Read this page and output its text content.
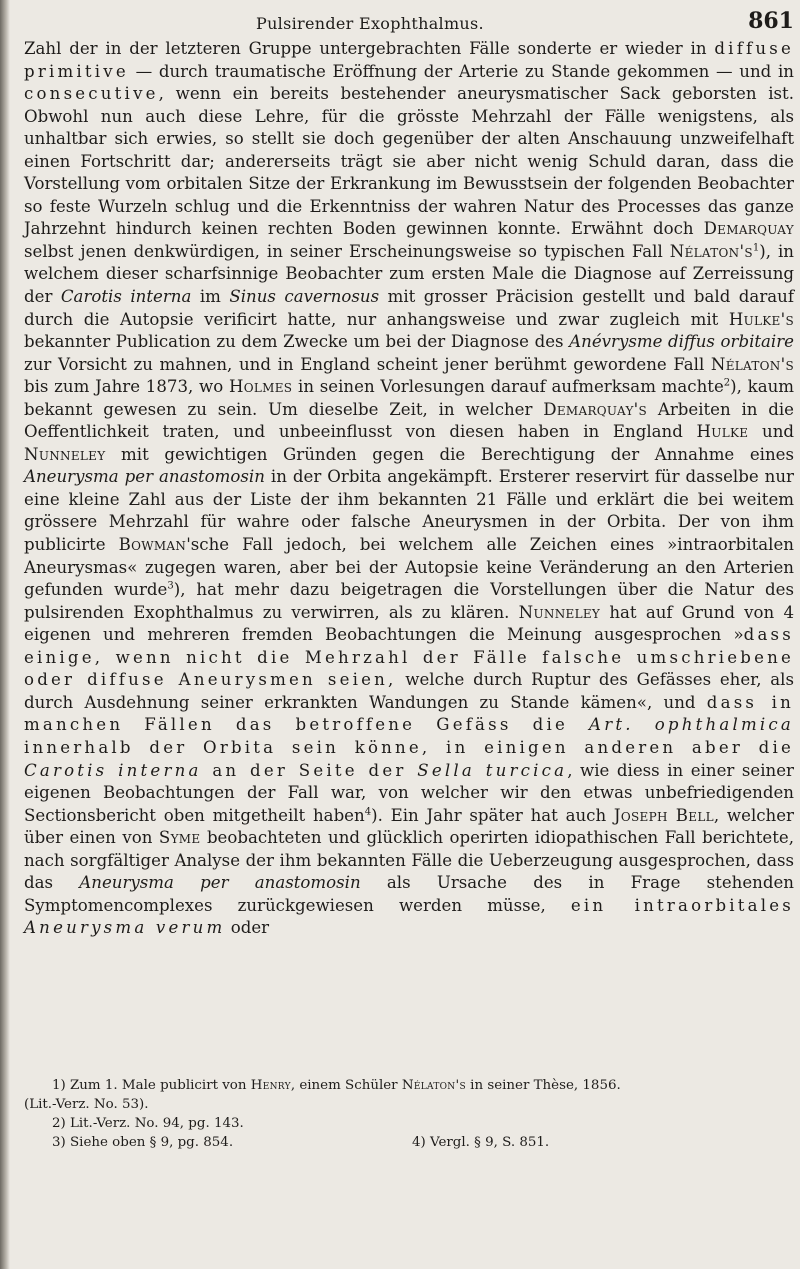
Pulsirender Exophthalmus.	861

Zahl der in der letzteren Gruppe untergebrachten Fälle sonderte er wieder in diffuse primitive — durch traumatische Eröffnung der Arterie zu Stande gekommen — und in consecutive, wenn ein bereits bestehender aneurysmatischer Sack geborsten ist. Obwohl nun auch diese Lehre, für die grösste Mehrzahl der Fälle wenigstens, als unhaltbar sich erwies, so stellt sie doch gegenüber der alten Anschauung unzweifelhaft einen Fortschritt dar; andererseits trägt sie aber nicht wenig Schuld daran, dass die Vorstellung vom orbitalen Sitze der Erkrankung im Bewusstsein der folgenden Beobachter so feste Wurzeln schlug und die Erkenntniss der wahren Natur des Processes das ganze Jahrzehnt hindurch keinen rechten Boden gewinnen konnte. Erwähnt doch Demarquay selbst jenen denkwürdigen, in seiner Erscheinungsweise so typischen Fall $Nélaton's^1$), in welchem dieser scharfsinnige Beobachter zum ersten Male die Diagnose auf Zerreissung der Carotis interna im Sinus cavernosus mit grosser Präcision gestellt und bald darauf durch die Autopsie verificirt hatte, nur anhangsweise und zwar zugleich mit Hulke's bekannter Publication zu dem Zwecke um bei der Diagnose des Anévrysme diffus orbitaire zur Vorsicht zu mahnen, und in England scheint jener berühmt gewordene Fall Nélaton's bis zum Jahre 1873, wo Holmes in seinen Vorlesungen darauf aufmerksam machte$^2$), kaum bekannt gewesen zu sein. Um dieselbe Zeit, in welcher Demarquay's Arbeiten in die Oeffentlichkeit traten, und unbeeinflusst von diesen haben in England Hulke und Nunneley mit gewichtigen Gründen gegen die Berechtigung der Annahme eines Aneurysma per anastomosin in der Orbita angekämpft. Ersterer reservirt für dasselbe nur eine kleine Zahl aus der Liste der ihm bekannten 21 Fälle und erklärt die bei weitem grössere Mehrzahl für wahre oder falsche Aneurysmen in der Orbita. Der von ihm publicirte Bowman'sche Fall jedoch, bei welchem alle Zeichen eines »intraorbitalen Aneurysmas« zugegen waren, aber bei der Autopsie keine Veränderung an den Arterien gefunden wurde$^3$), hat mehr dazu beigetragen die Vorstellungen über die Natur des pulsirenden Exophthalmus zu verwirren, als zu klären. Nunneley hat auf Grund von 4 eigenen und mehreren fremden Beobachtungen die Meinung ausgesprochen »dass einige, wenn nicht die Mehrzahl der Fälle falsche umschriebene oder diffuse Aneurysmen seien, welche durch Ruptur des Gefässes eher, als durch Ausdehnung seiner erkrankten Wandungen zu Stande kämen«, und dass in manchen Fällen das betroffene Gefäss die Art. ophthalmica innerhalb der Orbita sein könne, in einigen anderen aber die Carotis interna an der Seite der Sella turcica, wie diess in einer seiner eigenen Beobachtungen der Fall war, von welcher wir den etwas unbefriedigenden Sectionsbericht oben mitgetheilt haben$^4$). Ein Jahr später hat auch Joseph Bell, welcher über einen von Syme beobachteten und glücklich operirten idiopathischen Fall berichtete, nach sorgfältiger Analyse der ihm bekannten Fälle die Ueberzeugung ausgesprochen, dass das Aneurysma per anastomosin als Ursache des in Frage stehenden Symptomencomplexes zurückgewiesen werden müsse, ein intraorbitales Aneurysma verum oder

1) Zum 1. Male publicirt von Henry, einem Schüler Nélaton's in seiner Thèse, 1856.

(Lit.-Verz. No. 53).

2) Lit.-Verz. No. 94, pg. 143.

3) Siehe oben § 9, pg. 854.	4) Vergl. § 9, S. 851.
